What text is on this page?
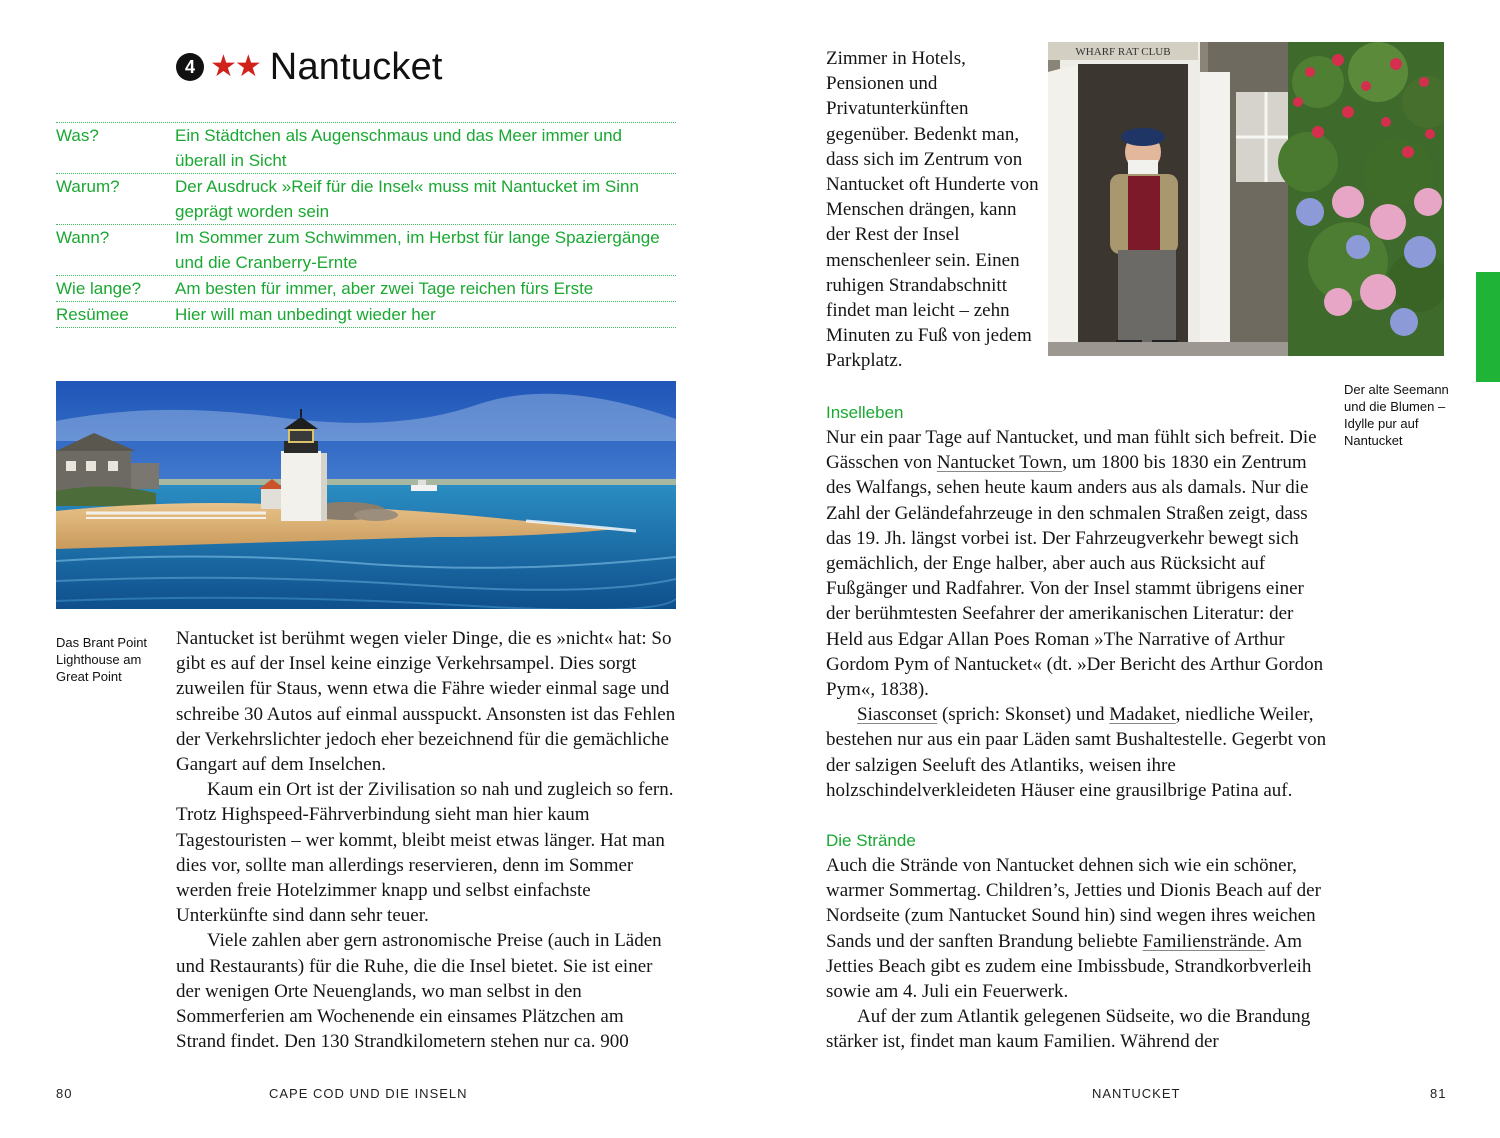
4 ★★ Nantucket
Was?	Ein Städtchen als Augenschmaus und das Meer immer und überall in Sicht
Warum?	Der Ausdruck »Reif für die Insel« muss mit Nantucket im Sinn geprägt worden sein
Wann?	Im Sommer zum Schwimmen, im Herbst für lange Spaziergänge und die Cranberry-Ernte
Wie lange?	Am besten für immer, aber zwei Tage reichen fürs Erste
Resümee	Hier will man unbedingt wieder her
Das Brant Point Lighthouse am Great Point

Nantucket ist berühmt wegen vieler Dinge, die es »nicht« hat: So gibt es auf der Insel keine einzige Verkehrsampel. Dies sorgt zuweilen für Staus, wenn etwa die Fähre wieder einmal sage und schreibe 30 Autos auf einmal ausspuckt. Ansonsten ist das Fehlen der Verkehrslichter jedoch eher bezeichnend für die gemächliche Gangart auf dem Inselchen.

Kaum ein Ort ist der Zivilisation so nah und zugleich so fern. Trotz Highspeed-Fährverbindung sieht man hier kaum Tagestouristen – wer kommt, bleibt meist etwas länger. Hat man dies vor, sollte man allerdings reservieren, denn im Sommer werden freie Hotelzimmer knapp und selbst einfachste Unterkünfte sind dann sehr teuer.

Viele zahlen aber gern astronomische Preise (auch in Läden und Restaurants) für die Ruhe, die die Insel bietet. Sie ist einer der wenigen Orte Neuenglands, wo man selbst in den Sommerferien am Wochenende ein einsames Plätzchen am Strand findet. Den 130 Strandkilometern stehen nur ca. 900

Zimmer in Hotels, Pensionen und Privatunterkünften gegenüber. Bedenkt man, dass sich im Zentrum von Nantucket oft Hunderte von Menschen drängen, kann der Rest der Insel menschenleer sein. Einen ruhigen Strandabschnitt findet man leicht – zehn Minuten zu Fuß von jedem Parkplatz.

WHARF RAT CLUB
Der alte Seemann und die Blumen – Idylle pur auf Nantucket

Inselleben

Nur ein paar Tage auf Nantucket, und man fühlt sich befreit. Die Gässchen von Nantucket Town, um 1800 bis 1830 ein Zentrum des Walfangs, sehen heute kaum anders aus als damals. Nur die Zahl der Geländefahrzeuge in den schmalen Straßen zeigt, dass das 19. Jh. längst vorbei ist. Der Fahrzeugverkehr bewegt sich gemächlich, der Enge halber, aber auch aus Rücksicht auf Fußgänger und Radfahrer. Von der Insel stammt übrigens einer der berühmtesten Seefahrer der amerikanischen Literatur: der Held aus Edgar Allan Poes Roman »The Narrative of Arthur Gordom Pym of Nantucket« (dt. »Der Bericht des Arthur Gordon Pym«, 1838).

Siasconset (sprich: Skonset) und Madaket, niedliche Weiler, bestehen nur aus ein paar Läden samt Bushaltestelle. Gegerbt von der salzigen Seeluft des Atlantiks, weisen ihre holzschindelverkleideten Häuser eine grausilbrige Patina auf.

Die Strände

Auch die Strände von Nantucket dehnen sich wie ein schöner, warmer Sommertag. Children’s, Jetties und Dionis Beach auf der Nordseite (zum Nantucket Sound hin) sind wegen ihres weichen Sands und der sanften Brandung beliebte Familienstrände. Am Jetties Beach gibt es zudem eine Imbissbude, Strandkorbverleih sowie am 4. Juli ein Feuerwerk.

Auf der zum Atlantik gelegenen Südseite, wo die Brandung stärker ist, findet man kaum Familien. Während der

80	CAPE COD UND DIE INSELN	NANTUCKET	81
